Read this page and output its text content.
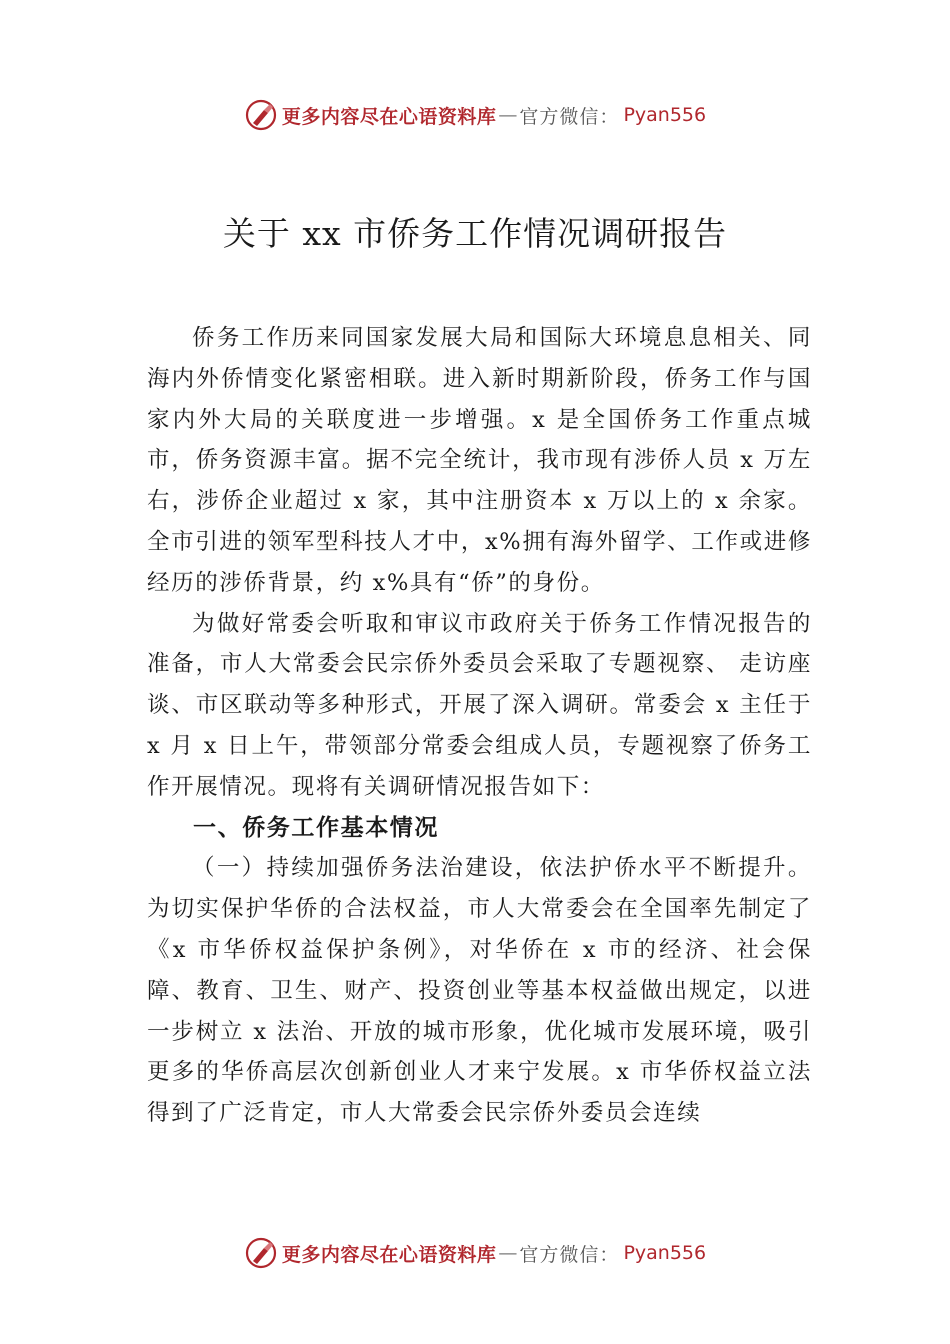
更多内容尽在心语资料库 — 官方微信： Pyan556
关于 xx 市侨务工作情况调研报告

侨务工作历来同国家发展大局和国际大环境息息相关、同海内外侨情变化紧密相联。进入新时期新阶段，侨务工作与国家内外大局的关联度进一步增强。x 是全国侨务工作重点城市，侨务资源丰富。据不完全统计，我市现有涉侨人员 x 万左右，涉侨企业超过 x 家，其中注册资本 x 万以上的 x 余家。全市引进的领军型科技人才中，x%拥有海外留学、工作或进修经历的涉侨背景，约 x%具有“侨”的身份。

为做好常委会听取和审议市政府关于侨务工作情况报告的准备，市人大常委会民宗侨外委员会采取了专题视察、 走访座谈、市区联动等多种形式，开展了深入调研。常委会 x 主任于 x 月 x 日上午，带领部分常委会组成人员，专题视察了侨务工作开展情况。现将有关调研情况报告如下：

一、侨务工作基本情况

（一）持续加强侨务法治建设，依法护侨水平不断提升。为切实保护华侨的合法权益，市人大常委会在全国率先制定了《x 市华侨权益保护条例》，对华侨在 x 市的经济、社会保障、教育、卫生、财产、投资创业等基本权益做出规定，以进一步树立 x 法治、开放的城市形象，优化城市发展环境，吸引更多的华侨高层次创新创业人才来宁发展。x 市华侨权益立法得到了广泛肯定，市人大常委会民宗侨外委员会连续

更多内容尽在心语资料库 — 官方微信： Pyan556
